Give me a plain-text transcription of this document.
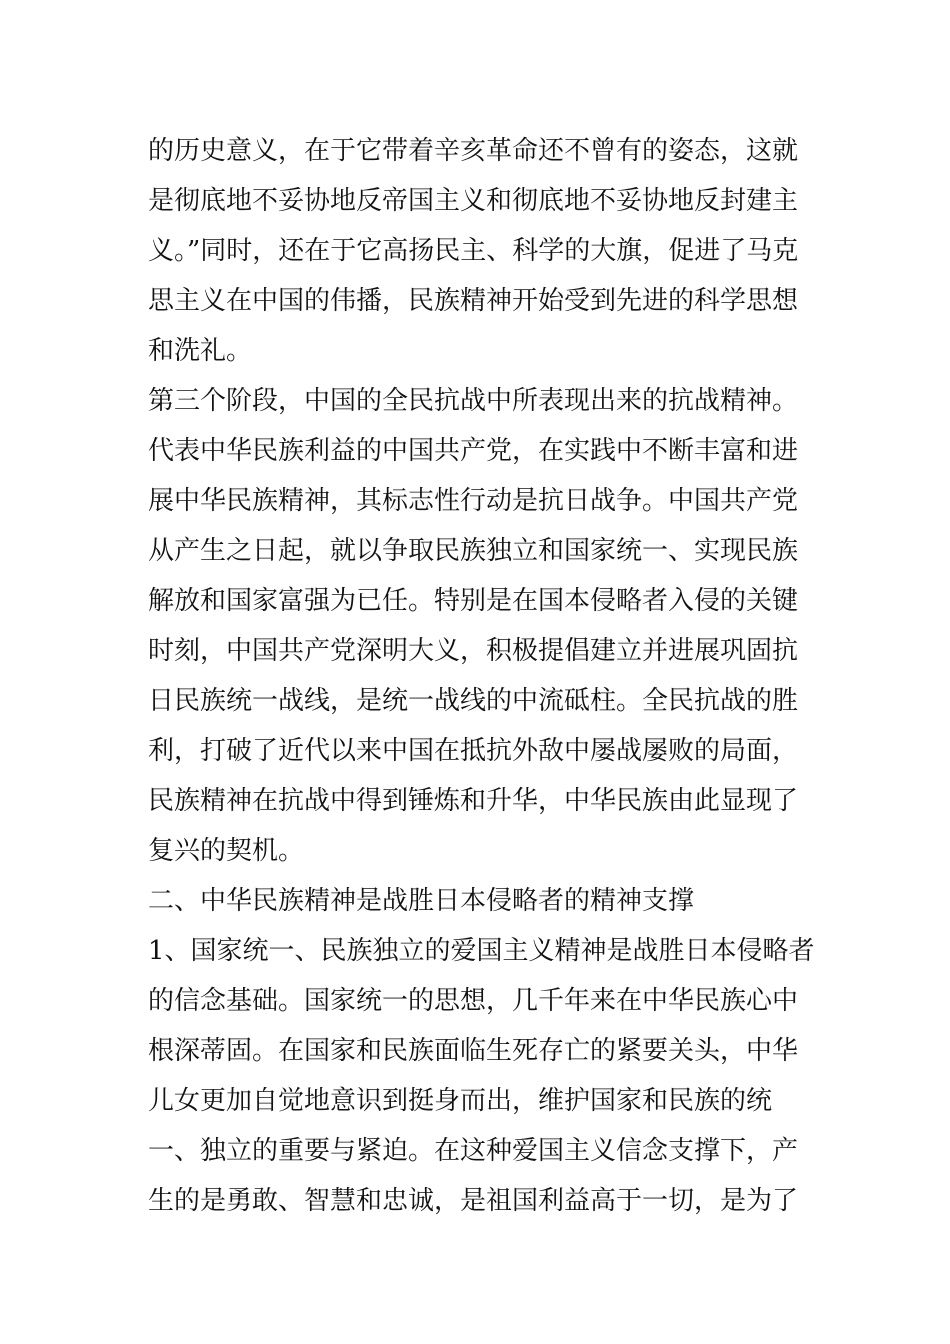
的历史意义，在于它带着辛亥革命还不曾有的姿态，这就
是彻底地不妥协地反帝国主义和彻底地不妥协地反封建主
义。”同时，还在于它高扬民主、科学的大旗，促进了马克
思主义在中国的伟播，民族精神开始受到先进的科学思想
和洗礼。
第三个阶段，中国的全民抗战中所表现出来的抗战精神。
代表中华民族利益的中国共产党，在实践中不断丰富和进
展中华民族精神，其标志性行动是抗日战争。中国共产党
从产生之日起，就以争取民族独立和国家统一、实现民族
解放和国家富强为已任。特别是在国本侵略者入侵的关键
时刻，中国共产党深明大义，积极提倡建立并进展巩固抗
日民族统一战线，是统一战线的中流砥柱。全民抗战的胜
利，打破了近代以来中国在抵抗外敌中屡战屡败的局面，
民族精神在抗战中得到锤炼和升华，中华民族由此显现了
复兴的契机。
二、中华民族精神是战胜日本侵略者的精神支撑
1、国家统一、民族独立的爱国主义精神是战胜日本侵略者
的信念基础。国家统一的思想，几千年来在中华民族心中
根深蒂固。在国家和民族面临生死存亡的紧要关头，中华
儿女更加自觉地意识到挺身而出，维护国家和民族的统
一、独立的重要与紧迫。在这种爱国主义信念支撑下，产
生的是勇敢、智慧和忠诚，是祖国利益高于一切，是为了
